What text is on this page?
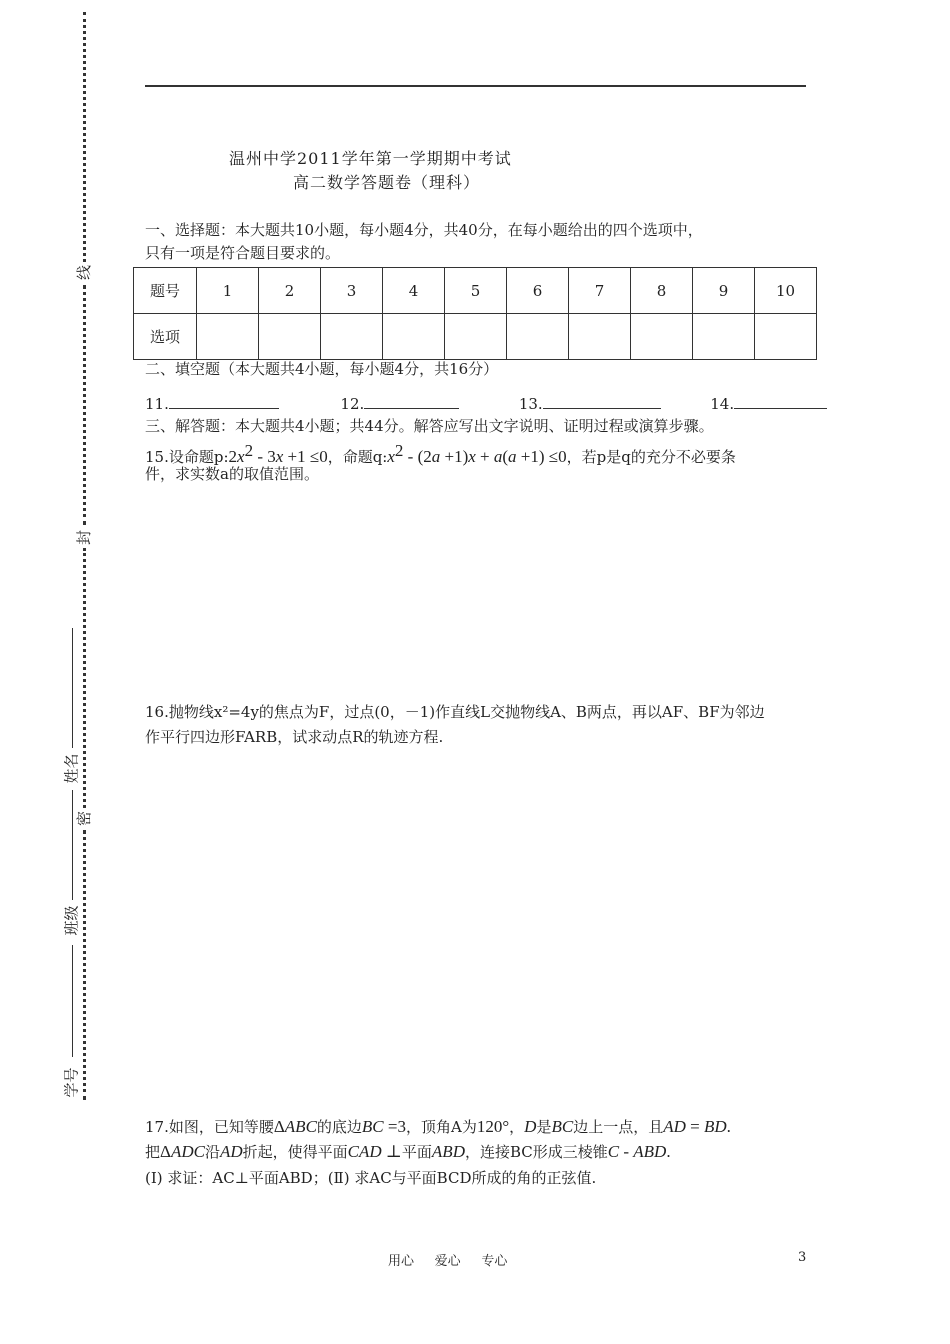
线
封
密
姓名
班级
学号
温州中学2011学年第一学期期中考试
高二数学答题卷（理科）
一、选择题：本大题共10小题，每小题4分，共40分，在每小题给出的四个选项中，
只有一项是符合题目要求的。
题号	1	2	3	4	5	6	7	8	9	10
选项										
二、填空题（本大题共4小题，每小题4分，共16分）
11.	12.	13.	14.
三、解答题：本大题共4小题；共44分。解答应写出文字说明、证明过程或演算步骤。
15.设命题$p:2x^2 - 3x +1 \le 0$，命题$q:x^2 - (2a +1)x + a(a +1) \le 0$，若p是q的充分不必要条
件，求实数a的取值范围。
16.抛物线x²=4y的焦点为F，过点(0，－1)作直线L交抛物线A、B两点，再以AF、BF为邻边
作平行四边形FARB，试求动点R的轨迹方程.
17.如图，已知等腰ΔABC的底边BC =3，顶角A为120°，D是BC边上一点，且AD = BD.
把ΔADC沿AD折起，使得平面CAD ⊥平面ABD，连接BC形成三棱锥C - ABD.
(Ⅰ) 求证：AC⊥平面ABD；(Ⅱ) 求AC与平面BCD所成的角的正弦值.
用心     爱心     专心	3
